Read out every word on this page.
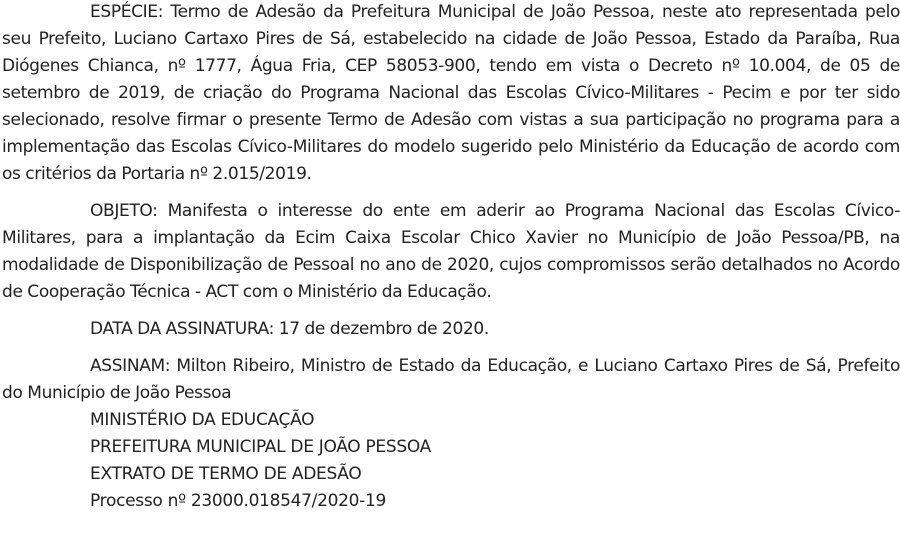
ESPÉCIE: Termo de Adesão da Prefeitura Municipal de João Pessoa, neste ato representada pelo seu Prefeito, Luciano Cartaxo Pires de Sá, estabelecido na cidade de João Pessoa, Estado da Paraíba, Rua Diógenes Chianca, nº 1777, Água Fria, CEP 58053-900, tendo em vista o Decreto nº 10.004, de 05 de setembro de 2019, de criação do Programa Nacional das Escolas Cívico-Militares - Pecim e por ter sido selecionado, resolve firmar o presente Termo de Adesão com vistas a sua participação no programa para a implementação das Escolas Cívico-Militares do modelo sugerido pelo Ministério da Educação de acordo com os critérios da Portaria nº 2.015/2019.

OBJETO: Manifesta o interesse do ente em aderir ao Programa Nacional das Escolas Cívico-Militares, para a implantação da Ecim Caixa Escolar Chico Xavier no Município de João Pessoa/PB, na modalidade de Disponibilização de Pessoal no ano de 2020, cujos compromissos serão detalhados no Acordo de Cooperação Técnica - ACT com o Ministério da Educação.

DATA DA ASSINATURA: 17 de dezembro de 2020.

ASSINAM: Milton Ribeiro, Ministro de Estado da Educação, e Luciano Cartaxo Pires de Sá, Prefeito do Município de João Pessoa

MINISTÉRIO DA EDUCAÇÃO

PREFEITURA MUNICIPAL DE JOÃO PESSOA

EXTRATO DE TERMO DE ADESÃO

Processo nº 23000.018547/2020-19
